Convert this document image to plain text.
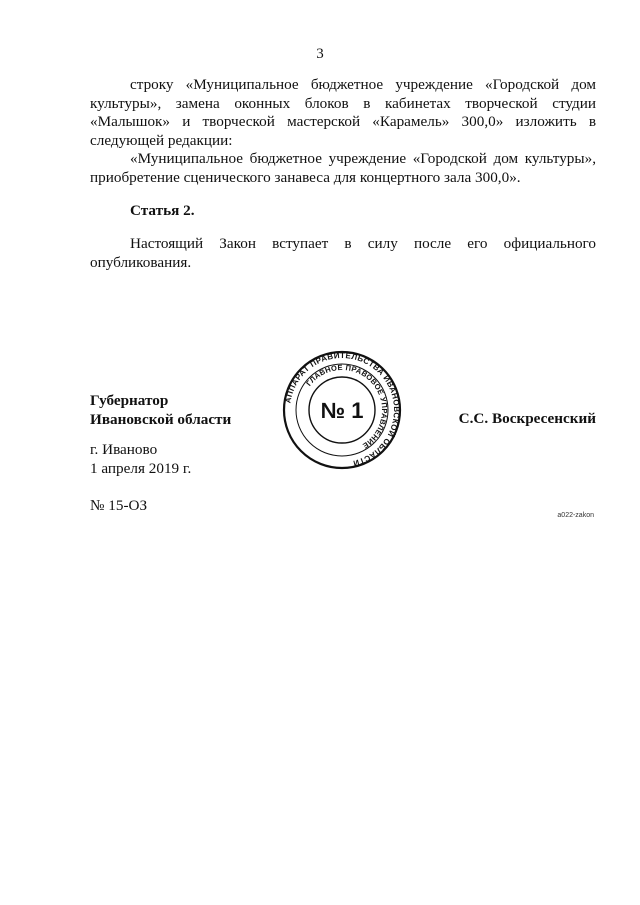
3

строку «Муниципальное бюджетное учреждение «Городской дом культуры», замена оконных блоков в кабинетах творческой студии «Малышок» и творческой мастерской «Карамель» 300,0» изложить в следующей редакции:

«Муниципальное бюджетное учреждение «Городской дом культуры», приобретение сценического занавеса для концертного зала 300,0».

Статья 2.

Настоящий Закон вступает в силу после его официального опубликования.

Губернатор
Ивановской области
АППАРАТ ПРАВИТЕЛЬСТВА ИВАНОВСКОЙ ОБЛАСТИ
ГЛАВНОЕ ПРАВОВОЕ УПРАВЛЕНИЕ
№ 1	С.С. Воскресенский
г. Иваново
1 апреля 2019 г.
№ 15-ОЗ
a022-zakon
